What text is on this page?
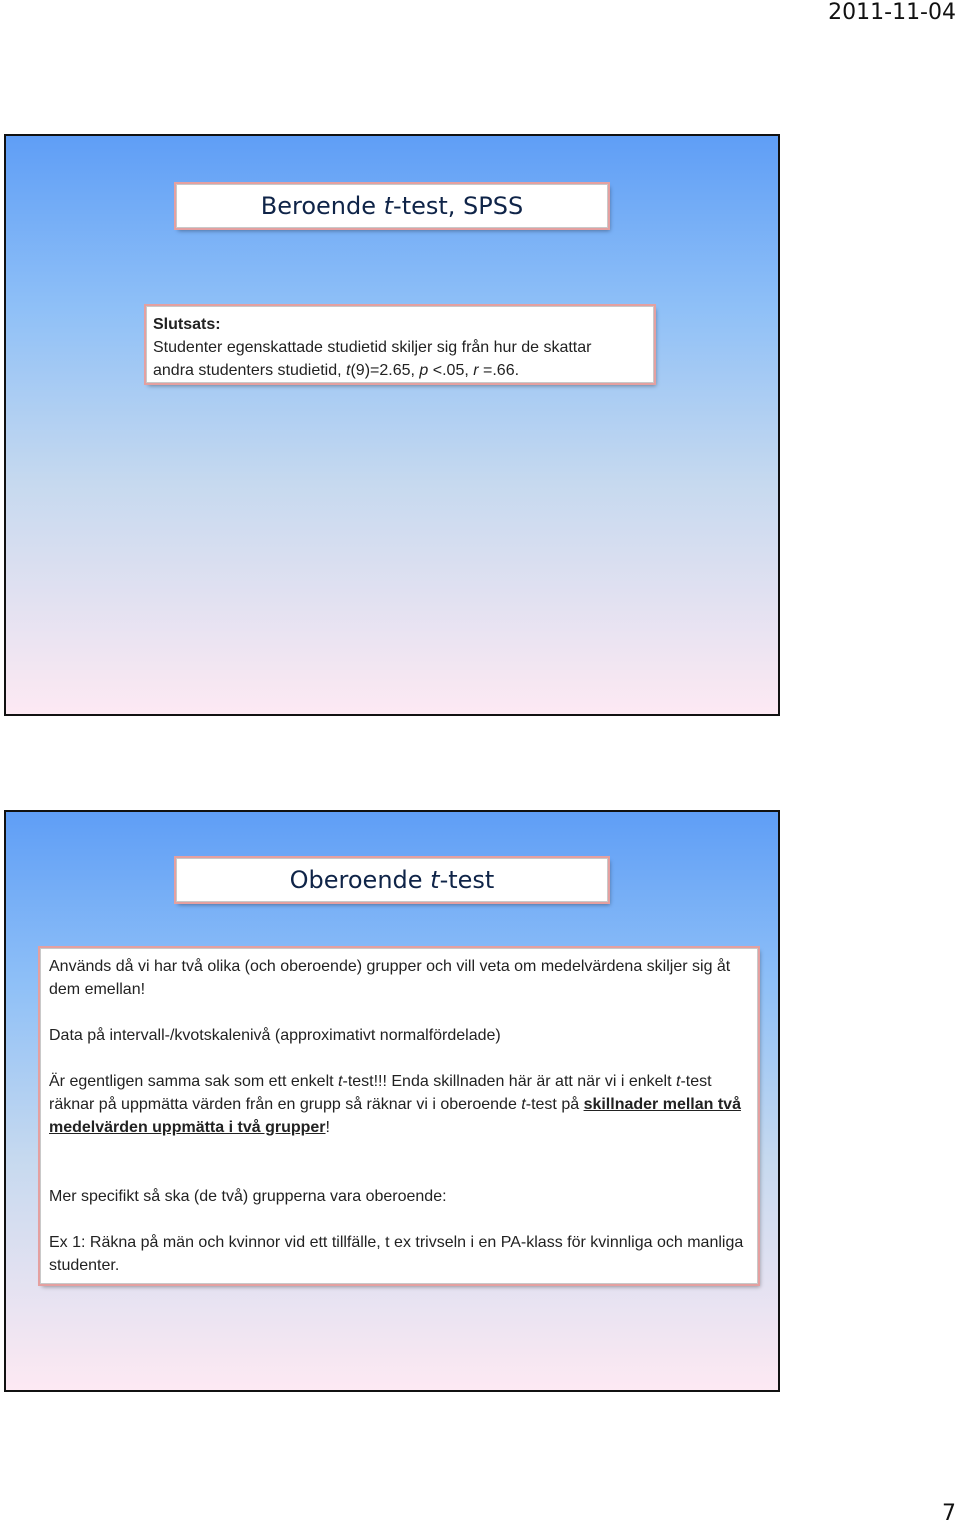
2011-11-04
Beroende t-test, SPSS

Slutsats:

Studenter egenskattade studietid skiljer sig från hur de skattar

andra studenters studietid, t(9)=2.65, p <.05, r =.66.

Oberoende t-test

Används då vi har två olika (och oberoende) grupper och vill veta om medelvärdena skiljer sig åt dem emellan!

Data på intervall-/kvotskalenivå (approximativt normalfördelade)

Är egentligen samma sak som ett enkelt t-test!!! Enda skillnaden här är att när vi i enkelt t-test räknar på uppmätta värden från en grupp så räknar vi i oberoende t-test på skillnader mellan två medelvärden uppmätta i två grupper!

Mer specifikt så ska (de två) grupperna vara oberoende:

Ex 1: Räkna på män och kvinnor vid ett tillfälle, t ex trivseln i en PA-klass för kvinnliga och manliga studenter.

7
